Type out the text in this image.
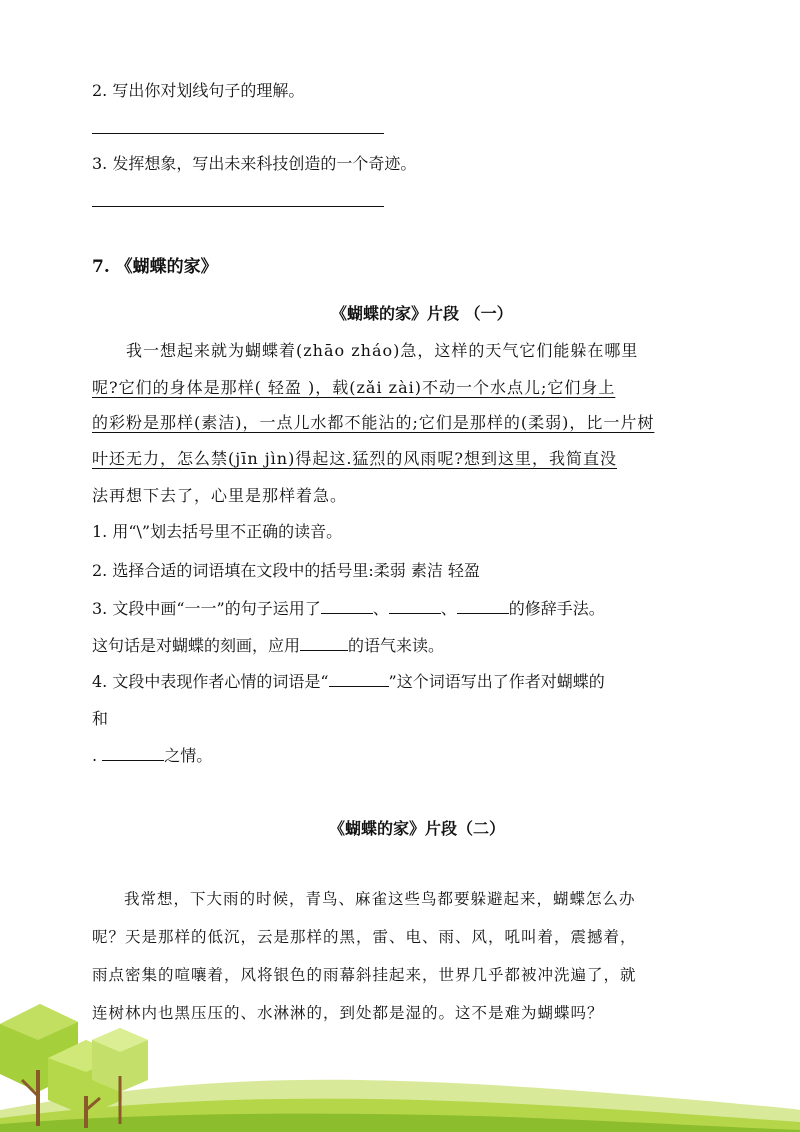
2. 写出你对划线句子的理解。
3. 发挥想象，写出未来科技创造的一个奇迹。
7. 《蝴蝶的家》
《蝴蝶的家》片段 （一）
我一想起来就为蝴蝶着(zhāo zháo)急，这样的天气它们能躲在哪里
呢?它们的身体是那样( 轻盈 )，载(zǎi zài)不动一个水点儿;它们身上
的彩粉是那样(素洁)，一点儿水都不能沾的;它们是那样的(柔弱)，比一片树
叶还无力，怎么禁(jīn jìn)得起这.猛烈的风雨呢?想到这里，我简直没
法再想下去了，心里是那样着急。
1. 用“\”划去括号里不正确的读音。
2. 选择合适的词语填在文段中的括号里:柔弱 素洁 轻盈
3. 文段中画“一一”的句子运用了	、	、	的修辞手法。
这句话是对蝴蝶的刻画，应用	的语气来读。
4. 文段中表现作者心情的词语是“	”这个词语写出了作者对蝴蝶的
和
.	之情。
《蝴蝶的家》片段（二）
我常想，下大雨的时候，青鸟、麻雀这些鸟都要躲避起来，蝴蝶怎么办
呢？天是那样的低沉，云是那样的黑，雷、电、雨、风，吼叫着，震撼着，
雨点密集的喧嚷着，风将银色的雨幕斜挂起来，世界几乎都被冲洗遍了，就
连树林内也黑压压的、水淋淋的，到处都是湿的。这不是难为蝴蝶吗？
